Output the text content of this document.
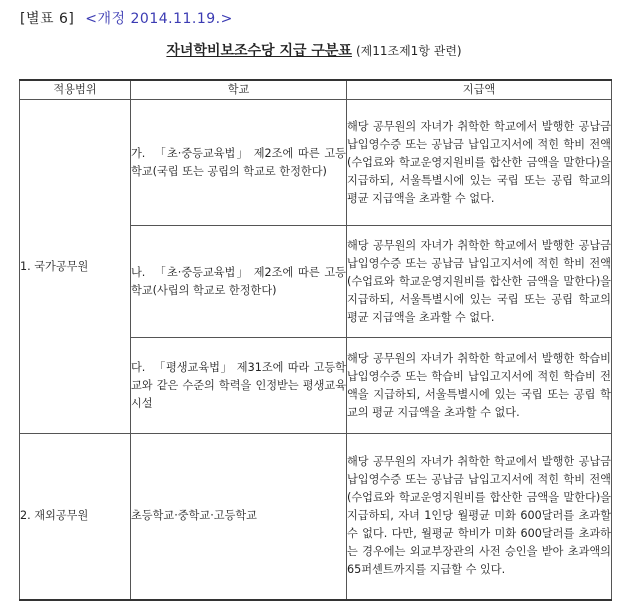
[별표 6] <개정 2014.11.19.>
자녀학비보조수당 지급 구분표 (제11조제1항 관련)
적용범위	학교	지급액
1. 국가공무원	가. 「초·중등교육법」 제2조에 따른 고등학교(국립 또는 공립의 학교로 한정한다)	해당 공무원의 자녀가 취학한 학교에서 발행한 공납금 납입영수증 또는 공납금 납입고지서에 적힌 학비 전액(수업료와 학교운영지원비를 합산한 금액을 말한다)을 지급하되, 서울특별시에 있는 국립 또는 공립 학교의 평균 지급액을 초과할 수 없다.

	나. 「초·중등교육법」 제2조에 따른 고등학교(사립의 학교로 한정한다)	해당 공무원의 자녀가 취학한 학교에서 발행한 공납금 납입영수증 또는 공납금 납입고지서에 적힌 학비 전액(수업료와 학교운영지원비를 합산한 금액을 말한다)을 지급하되, 서울특별시에 있는 국립 또는 공립 학교의 평균 지급액을 초과할 수 없다.

	다. 「평생교육법」 제31조에 따라 고등학교와 같은 수준의 학력을 인정받는 평생교육시설	해당 공무원의 자녀가 취학한 학교에서 발행한 학습비 납입영수증 또는 학습비 납입고지서에 적힌 학습비 전액을 지급하되, 서울특별시에 있는 국립 또는 공립 학교의 평균 지급액을 초과할 수 없다.
2. 재외공무원	초등학교·중학교·고등학교	해당 공무원의 자녀가 취학한 학교에서 발행한 공납금 납입영수증 또는 공납금 납입고지서에 적힌 학비 전액(수업료와 학교운영지원비를 합산한 금액을 말한다)을 지급하되, 자녀 1인당 월평균 미화 600달러를 초과할 수 없다. 다만, 월평균 학비가 미화 600달러를 초과하는 경우에는 외교부장관의 사전 승인을 받아 초과액의 65퍼센트까지를 지급할 수 있다.
